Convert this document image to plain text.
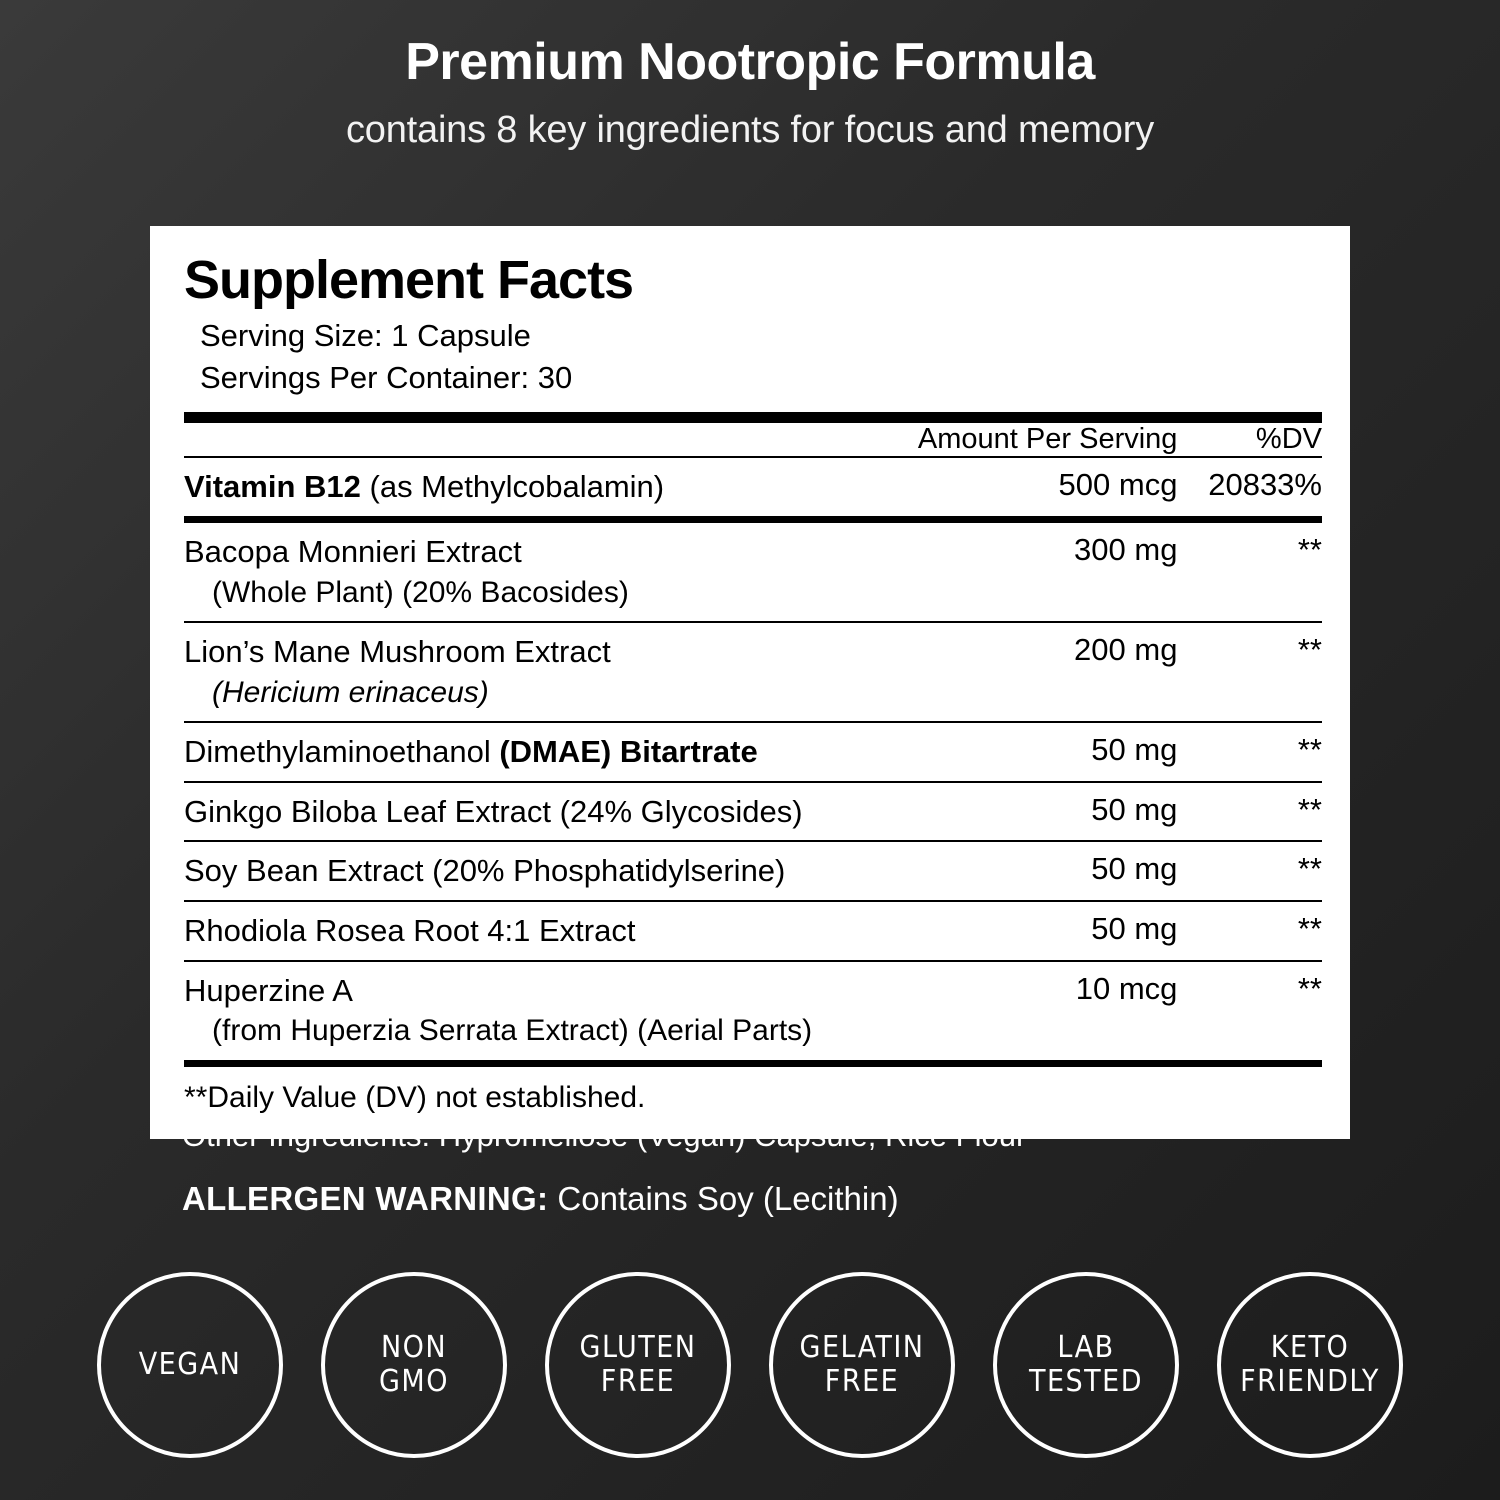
Premium Nootropic Formula

contains 8 key ingredients for focus and memory

Supplement Facts
Serving Size: 1 Capsule
Servings Per Container: 30
	Amount Per Serving	%DV
Vitamin B12 (as Methylcobalamin)	500 mcg	20833%
Bacopa Monnieri Extract
(Whole Plant) (20% Bacosides)	300 mg	**
Lion’s Mane Mushroom Extract
(Hericium erinaceus)	200 mg	**
Dimethylaminoethanol (DMAE) Bitartrate	50 mg	**
Ginkgo Biloba Leaf Extract (24% Glycosides)	50 mg	**
Soy Bean Extract (20% Phosphatidylserine)	50 mg	**
Rhodiola Rosea Root 4:1 Extract	50 mg	**
Huperzine A
(from Huperzia Serrata Extract) (Aerial Parts)	10 mcg	**
**Daily Value (DV) not established.
Other Ingredients: Hypromellose (Vegan) Capsule, Rice Flour
ALLERGEN WARNING: Contains Soy (Lecithin)
VEGAN	NON
GMO
GLUTEN
FREE
GELATIN
FREE
LAB
TESTED
KETO
FRIENDLY
